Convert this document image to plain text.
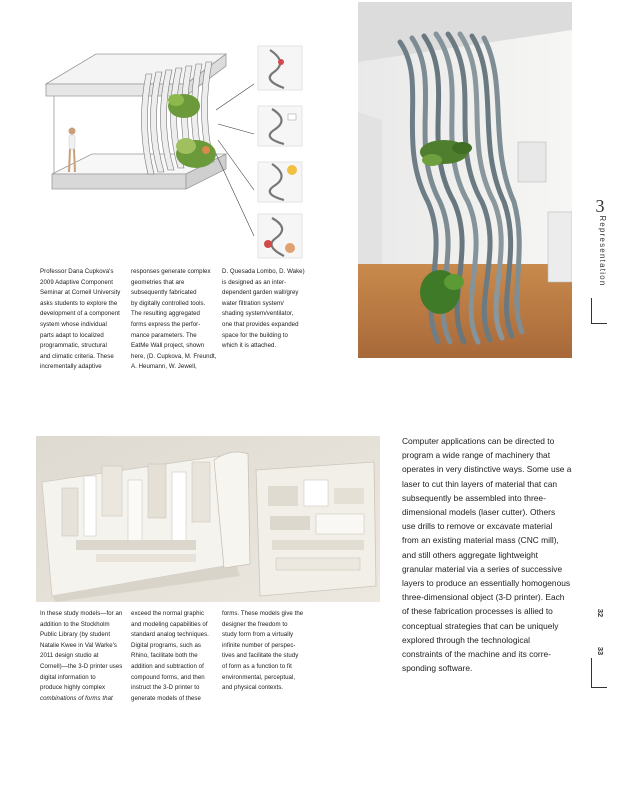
Professor Dana Cupkova's

2009 Adaptive Component

Seminar at Cornell University

asks students to explore the

development of a component

system whose individual

parts adapt to localized

programmatic, structural

and climatic criteria. These

incrementally adaptive

responses generate complex

geometries that are

subsequently fabricated

by digitally controlled tools.

The resulting aggregated

forms express the perfor-

mance parameters. The

EatMe Wall project, shown

here, (D. Cupkova, M. Freundt,

A. Heumann, W. Jewell,

D. Quesada Lombo, D. Wake)

is designed as an inter-

dependent garden wall/grey

water filtration system/

shading system/ventilator,

one that provides expanded

space for the building to

which it is attached.

3
Representation

In these study models—for an

addition to the Stockholm

Public Library (by student

Natalie Kwee in Val Warke's

2011 design studio at

Cornell)—the 3-D printer uses

digital information to

produce highly complex

combinations of forms that

exceed the normal graphic

and modeling capabilities of

standard analog techniques.

Digital programs, such as

Rhino, facilitate both the

addition and subtraction of

compound forms, and then

instruct the 3-D printer to

generate models of these

forms. These models give the

designer the freedom to

study form from a virtually

infinite number of perspec-

tives and facilitate the study

of form as a function to fit

environmental, perceptual,

and physical contexts.

Computer applications can be directed to
program a wide range of machinery that
operates in very distinctive ways. Some use a
laser to cut thin layers of material that can
subsequently be assembled into three-
dimensional models (laser cutter). Others
use drills to remove or excavate material
from an existing material mass (CNC mill),
and still others aggregate lightweight
granular material via a series of successive
layers to produce an essentially homogenous
three-dimensional object (3-D printer). Each
of these fabrication processes is allied to
conceptual strategies that can be uniquely
explored through the technological
constraints of the machine and its corre-
sponding software.
32
33
